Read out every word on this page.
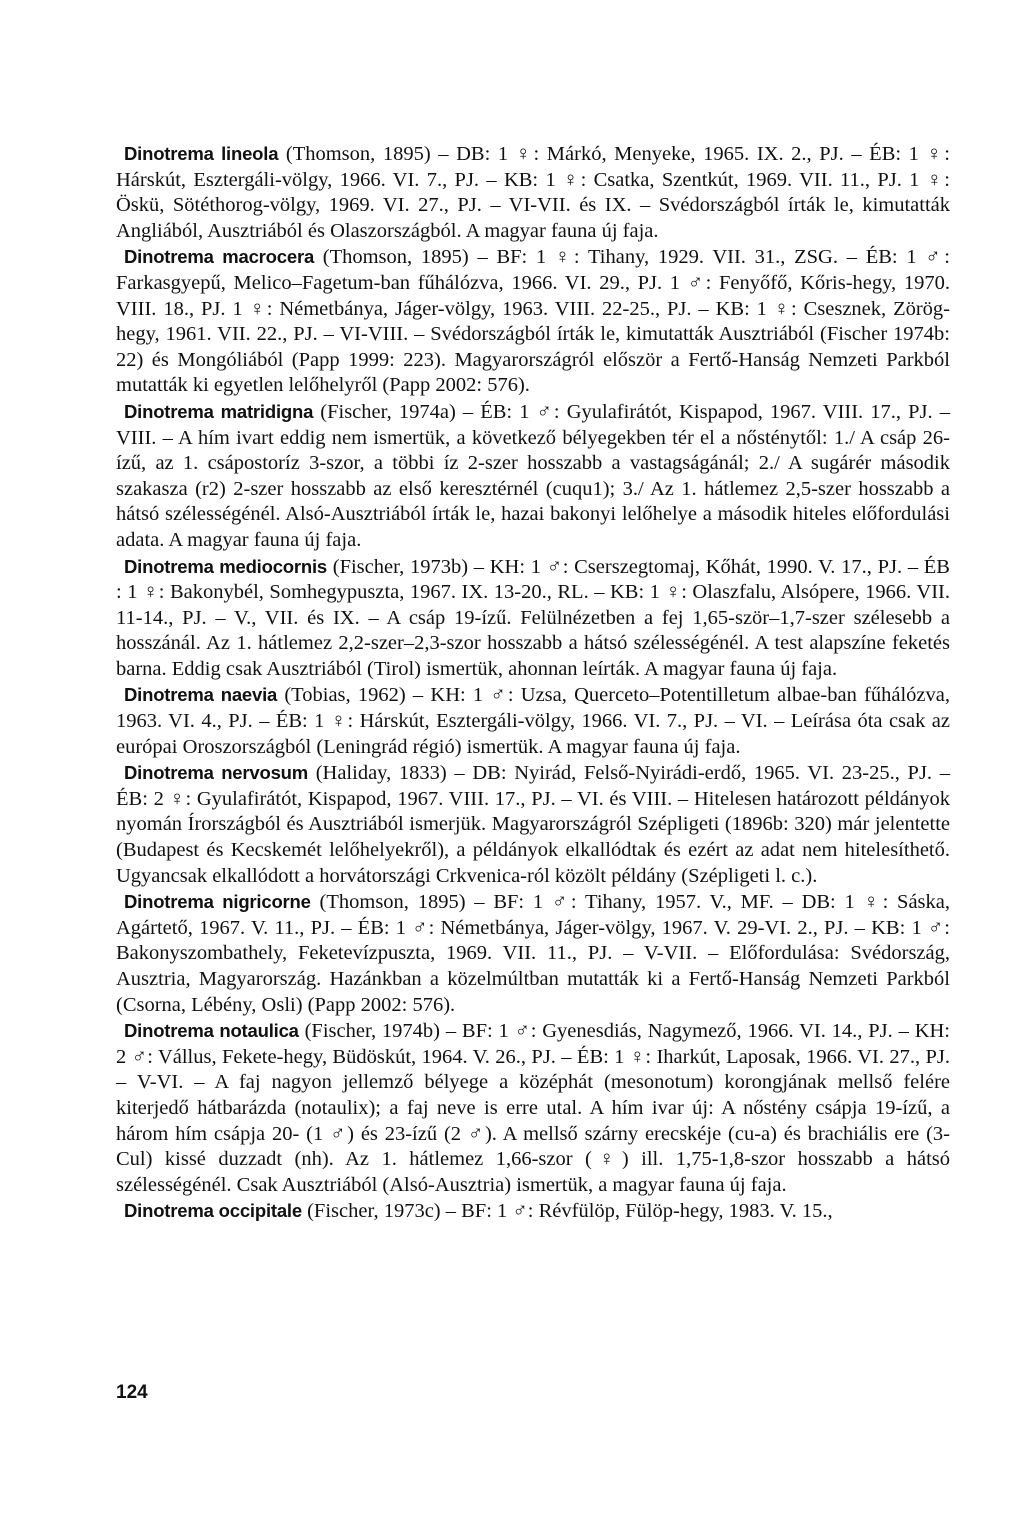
Dinotrema lineola (Thomson, 1895) – DB: 1 ♀: Márkó, Menyeke, 1965. IX. 2., PJ. – ÉB: 1 ♀: Hárskút, Esztergáli-völgy, 1966. VI. 7., PJ. – KB: 1 ♀: Csatka, Szentkút, 1969. VII. 11., PJ. 1 ♀: Öskü, Sötéthorog-völgy, 1969. VI. 27., PJ. – VI-VII. és IX. – Svédországból írták le, kimutatták Angliából, Ausztriából és Olaszországból. A magyar fauna új faja.

Dinotrema macrocera (Thomson, 1895) – BF: 1 ♀: Tihany, 1929. VII. 31., ZSG. – ÉB: 1 ♂: Farkasgyepű, Melico–Fagetum-ban fűhálózva, 1966. VI. 29., PJ. 1 ♂: Fenyőfő, Kőris-hegy, 1970. VIII. 18., PJ. 1 ♀: Németbánya, Jáger-völgy, 1963. VIII. 22-25., PJ. – KB: 1 ♀: Csesznek, Zörög-hegy, 1961. VII. 22., PJ. – VI-VIII. – Svédországból írták le, kimutatták Ausztriából (Fischer 1974b: 22) és Mongóliából (Papp 1999: 223). Magyarországról először a Fertő-Hanság Nemzeti Parkból mutatták ki egyetlen lelőhelyről (Papp 2002: 576).

Dinotrema matridigna (Fischer, 1974a) – ÉB: 1 ♂: Gyulafirátót, Kispapod, 1967. VIII. 17., PJ. – VIII. – A hím ivart eddig nem ismertük, a következő bélyegekben tér el a nősténytől: 1./ A csáp 26-ízű, az 1. csápostoríz 3-szor, a többi íz 2-szer hosszabb a vastagságánál; 2./ A sugárér második szakasza (r2) 2-szer hosszabb az első keresztérnél (cuqu1); 3./ Az 1. hátlemez 2,5-szer hosszabb a hátsó szélességénél. Alsó-Ausztriából írták le, hazai bakonyi lelőhelye a második hiteles előfordulási adata. A magyar fauna új faja.

Dinotrema mediocornis (Fischer, 1973b) – KH: 1 ♂: Cserszegtomaj, Kőhát, 1990. V. 17., PJ. – ÉB : 1 ♀: Bakonybél, Somhegypuszta, 1967. IX. 13-20., RL. – KB: 1 ♀: Olaszfalu, Alsópere, 1966. VII. 11-14., PJ. – V., VII. és IX. – A csáp 19-ízű. Felülnézetben a fej 1,65-ször–1,7-szer szélesebb a hosszánál. Az 1. hátlemez 2,2-szer–2,3-szor hosszabb a hátsó szélességénél. A test alapszíne feketés barna. Eddig csak Ausztriából (Tirol) ismertük, ahonnan leírták. A magyar fauna új faja.

Dinotrema naevia (Tobias, 1962) – KH: 1 ♂: Uzsa, Querceto–Potentilletum albae-ban fűhálózva, 1963. VI. 4., PJ. – ÉB: 1 ♀: Hárskút, Esztergáli-völgy, 1966. VI. 7., PJ. – VI. – Leírása óta csak az európai Oroszországból (Leningrád régió) ismertük. A magyar fauna új faja.

Dinotrema nervosum (Haliday, 1833) – DB: Nyirád, Felső-Nyirádi-erdő, 1965. VI. 23-25., PJ. – ÉB: 2 ♀: Gyulafirátót, Kispapod, 1967. VIII. 17., PJ. – VI. és VIII. – Hitelesen határozott példányok nyomán Írországból és Ausztriából ismerjük. Magyarországról Szépligeti (1896b: 320) már jelentette (Budapest és Kecskemét lelőhelyekről), a példányok elkallódtak és ezért az adat nem hitelesíthető. Ugyancsak elkallódott a horvátországi Crkvenica-ról közölt példány (Szépligeti l. c.).

Dinotrema nigricorne (Thomson, 1895) – BF: 1 ♂: Tihany, 1957. V., MF. – DB: 1 ♀: Sáska, Agártető, 1967. V. 11., PJ. – ÉB: 1 ♂: Németbánya, Jáger-völgy, 1967. V. 29-VI. 2., PJ. – KB: 1 ♂: Bakonyszombathely, Feketevízpuszta, 1969. VII. 11., PJ. – V-VII. – Előfordulása: Svédország, Ausztria, Magyarország. Hazánkban a közelmúltban mutatták ki a Fertő-Hanság Nemzeti Parkból (Csorna, Lébény, Osli) (Papp 2002: 576).

Dinotrema notaulica (Fischer, 1974b) – BF: 1 ♂: Gyenesdiás, Nagymező, 1966. VI. 14., PJ. – KH: 2 ♂: Vállus, Fekete-hegy, Büdöskút, 1964. V. 26., PJ. – ÉB: 1 ♀: Iharkút, Laposak, 1966. VI. 27., PJ. – V-VI. – A faj nagyon jellemző bélyege a középhát (mesonotum) korongjának mellső felére kiterjedő hátbarázda (notaulix); a faj neve is erre utal. A hím ivar új: A nőstény csápja 19-ízű, a három hím csápja 20- (1 ♂) és 23-ízű (2 ♂). A mellső szárny erecskéje (cu-a) és brachiális ere (3-Cul) kissé duzzadt (nh). Az 1. hátlemez 1,66-szor (♀) ill. 1,75-1,8-szor hosszabb a hátsó szélességénél. Csak Ausztriából (Alsó-Ausztria) ismertük, a magyar fauna új faja.

Dinotrema occipitale (Fischer, 1973c) – BF: 1 ♂: Révfülöp, Fülöp-hegy, 1983. V. 15.,

124
